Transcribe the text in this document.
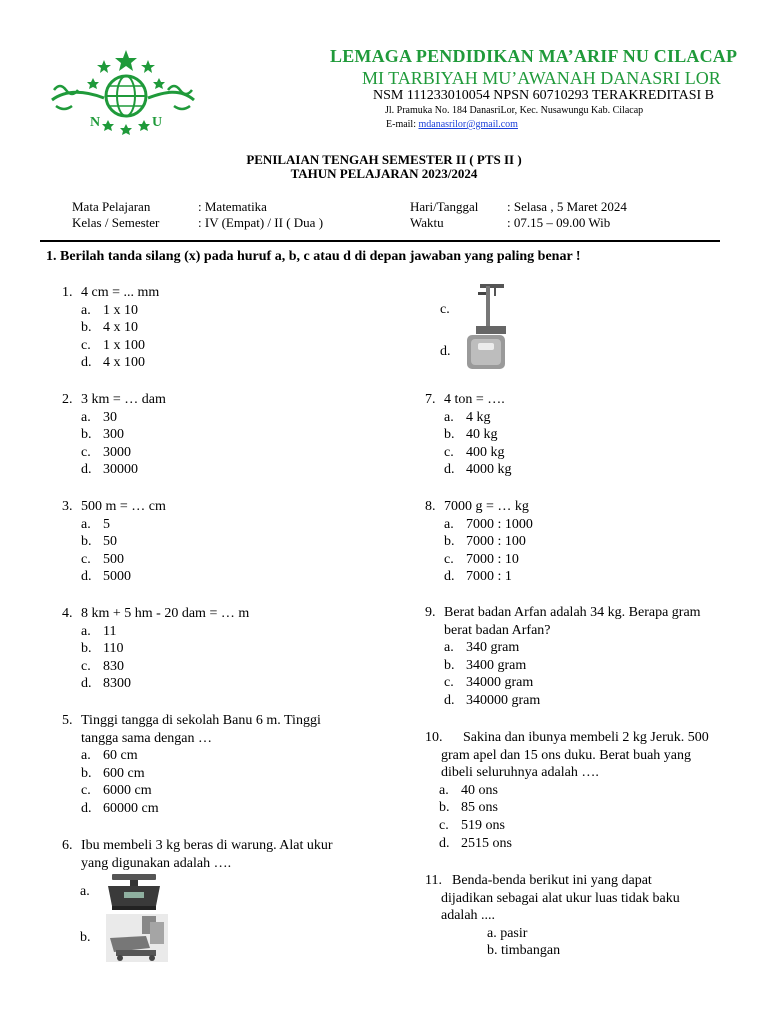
N	U
LEMAGA PENDIDIKAN MA’ARIF NU CILACAP
MI TARBIYAH MU’AWANAH DANASRI LOR
NSM 111233010054 NPSN 60710293 TERAKREDITASI B
Jl. Pramuka No. 184 DanasriLor, Kec. Nusawungu Kab. Cilacap
E-mail: mdanasrilor@gmail.com
PENILAIAN TENGAH SEMESTER II ( PTS II )
TAHUN PELAJARAN 2023/2024
Mata Pelajaran	: Matematika
Kelas / Semester	: IV (Empat) / II ( Dua )
Hari/Tanggal : Selasa , 5 Maret 2024
Waktu	: 07.15 – 09.00 Wib
1. Berilah tanda silang (x) pada huruf a, b, c atau d di depan jawaban yang paling benar !
1. 4 cm = ... mm
a. 1 x 10
b. 4 x 10
c. 1 x 100
d. 4 x 100
2. 3 km = … dam
a. 30
b. 300
c. 3000
d. 30000
3. 500 m = … cm
a. 5
b. 50
c. 500
d. 5000
4. 8 km + 5 hm - 20 dam = … m
a. 11
b. 110
c. 830
d. 8300
5. Tinggi tangga di sekolah Banu 6 m. Tinggi
tangga sama dengan …
a. 60 cm
b. 600 cm
c. 6000 cm
d. 60000 cm
6. Ibu membeli 3 kg beras di warung. Alat ukur
yang digunakan adalah ….
a.
b.
c.
d.
7. 4 ton = ….
a. 4 kg
b. 40 kg
c. 400 kg
d. 4000 kg
8. 7000 g = … kg
a. 7000 : 1000
b. 7000 : 100
c. 7000 : 10
d. 7000 : 1
9. Berat badan Arfan adalah 34 kg. Berapa gram
berat badan Arfan?
a. 340 gram
b. 3400 gram
c. 34000 gram
d. 340000 gram
10.	Sakina dan ibunya membeli 2 kg Jeruk. 500
gram apel dan 15 ons duku. Berat buah yang
dibeli seluruhnya adalah ….
a. 40 ons
b. 85 ons
c. 519 ons
d. 2515 ons
11. Benda-benda berikut ini yang dapat
dijadikan sebagai alat ukur luas tidak baku
adalah ....
a. pasir
b. timbangan
